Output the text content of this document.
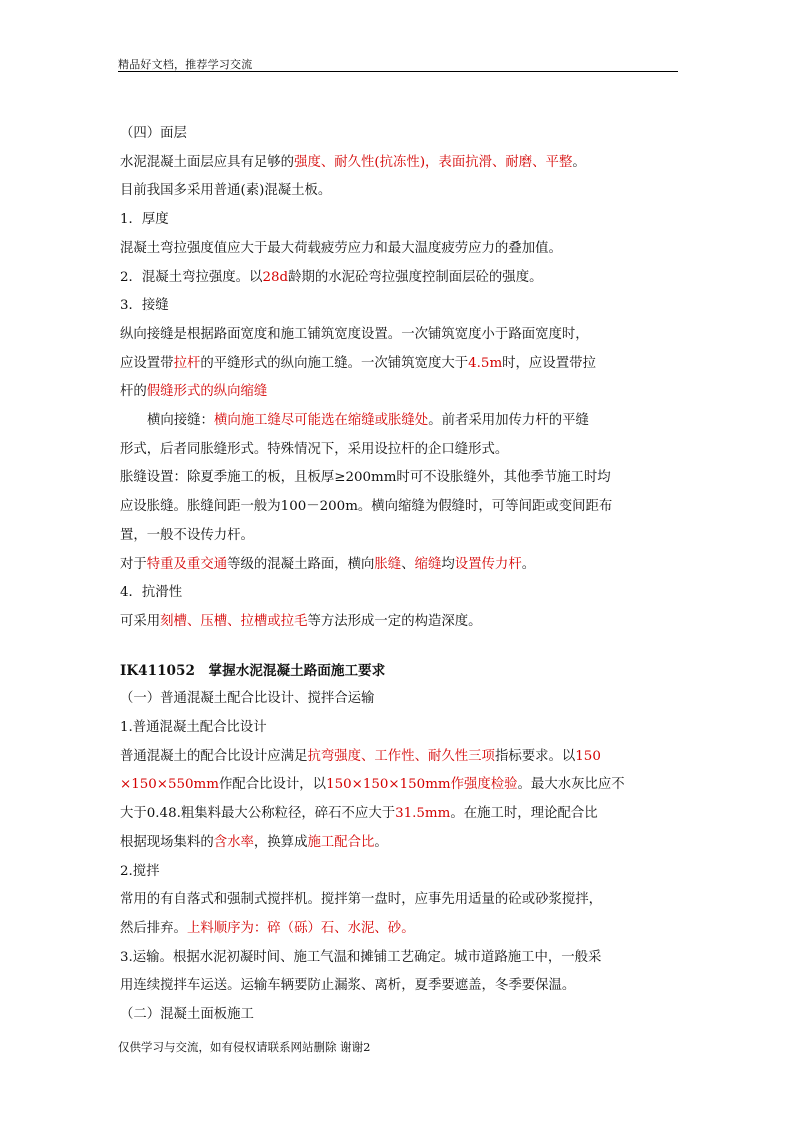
精品好文档，推荐学习交流

（四）面层

水泥混凝土面层应具有足够的强度、耐久性(抗冻性)，表面抗滑、耐磨、平整。

目前我国多采用普通(素)混凝土板。

1．厚度

混凝土弯拉强度值应大于最大荷载疲劳应力和最大温度疲劳应力的叠加值。

2．混凝土弯拉强度。以28d龄期的水泥砼弯拉强度控制面层砼的强度。

3．接缝

纵向接缝是根据路面宽度和施工铺筑宽度设置。一次铺筑宽度小于路面宽度时，

应设置带拉杆的平缝形式的纵向施工缝。一次铺筑宽度大于4.5m时，应设置带拉

杆的假缝形式的纵向缩缝

横向接缝：横向施工缝尽可能选在缩缝或胀缝处。前者采用加传力杆的平缝

形式，后者同胀缝形式。特殊情况下，采用设拉杆的企口缝形式。

胀缝设置：除夏季施工的板，且板厚≥200mm时可不设胀缝外，其他季节施工时均

应设胀缝。胀缝间距一般为100－200m。横向缩缝为假缝时，可等间距或变间距布

置，一般不设传力杆。

对于特重及重交通等级的混凝土路面，横向胀缝、缩缝均设置传力杆。

4．抗滑性

可采用刻槽、压槽、拉槽或拉毛等方法形成一定的构造深度。

IK411052　掌握水泥混凝土路面施工要求

（一）普通混凝土配合比设计、搅拌合运输

1.普通混凝土配合比设计

普通混凝土的配合比设计应满足抗弯强度、工作性、耐久性三项指标要求。以150

×150×550mm作配合比设计，以150×150×150mm作强度检验。最大水灰比应不

大于0.48.粗集料最大公称粒径，碎石不应大于31.5mm。在施工时，理论配合比

根据现场集料的含水率，换算成施工配合比。

2.搅拌

常用的有自落式和强制式搅拌机。搅拌第一盘时，应事先用适量的砼或砂浆搅拌，

然后排弃。上料顺序为：碎（砾）石、水泥、砂。

3.运输。根据水泥初凝时间、施工气温和摊铺工艺确定。城市道路施工中，一般采

用连续搅拌车运送。运输车辆要防止漏浆、离析，夏季要遮盖，冬季要保温。

（二）混凝土面板施工

仅供学习与交流，如有侵权请联系网站删除 谢谢2
